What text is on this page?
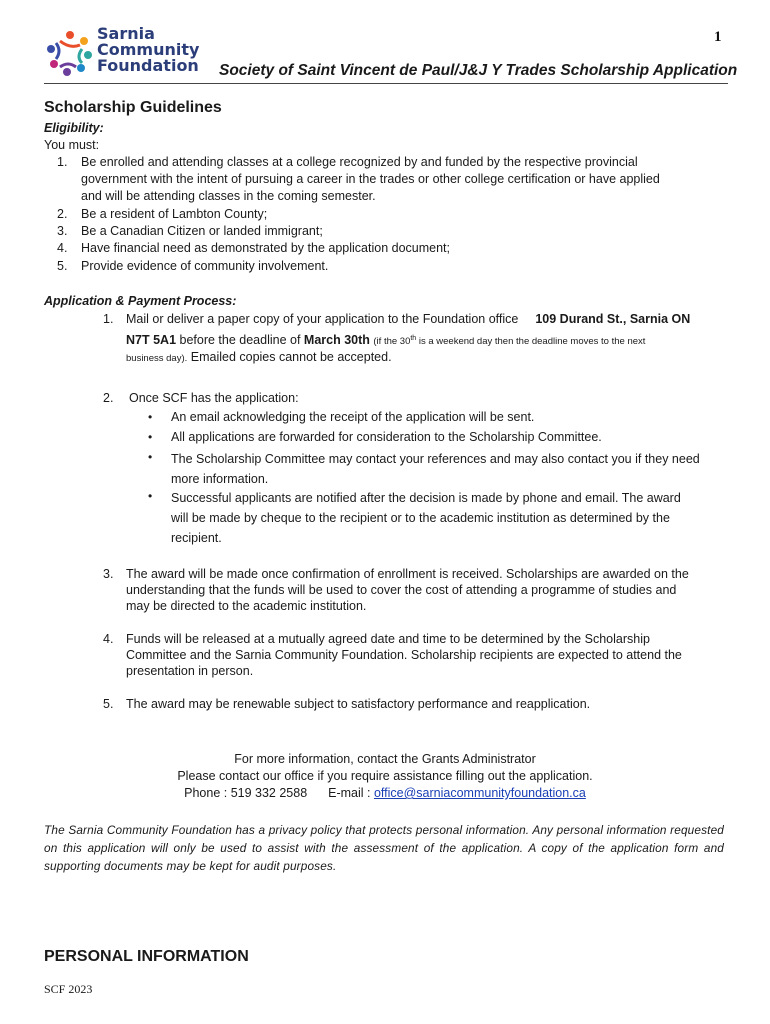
Sarnia
Community
Foundation
1
Society of Saint Vincent de Paul/J&J Y Trades Scholarship Application
Scholarship Guidelines
Eligibility:
You must:
1. Be enrolled and attending classes at a college recognized by and funded by the respective provincial
government with the intent of pursuing a career in the trades or other college certification or have applied
and will be attending classes in the coming semester.
2. Be a resident of Lambton County;
3. Be a Canadian Citizen or landed immigrant;
4. Have financial need as demonstrated by the application document;
5. Provide evidence of community involvement.
Application & Payment Process:
1. Mail or deliver a paper copy of your application to the Foundation office 109 Durand St., Sarnia ON
N7T 5A1 before the deadline of March 30th (if the 30th is a weekend day then the deadline moves to the next
business day). Emailed copies cannot be accepted.
2. Once SCF has the application:
• An email acknowledging the receipt of the application will be sent.
• All applications are forwarded for consideration to the Scholarship Committee.
• The Scholarship Committee may contact your references and may also contact you if they need
more information.
• Successful applicants are notified after the decision is made by phone and email. The award
will be made by cheque to the recipient or to the academic institution as determined by the
recipient.
3. The award will be made once confirmation of enrollment is received. Scholarships are awarded on the
understanding that the funds will be used to cover the cost of attending a programme of studies and
may be directed to the academic institution.
4. Funds will be released at a mutually agreed date and time to be determined by the Scholarship
Committee and the Sarnia Community Foundation. Scholarship recipients are expected to attend the
presentation in person.
5. The award may be renewable subject to satisfactory performance and reapplication.
For more information, contact the Grants Administrator
Please contact our office if you require assistance filling out the application.
Phone : 519 332 2588 E-mail : office@sarniacommunityfoundation.ca
The Sarnia Community Foundation has a privacy policy that protects personal information. Any personal information requested on this application will only be used to assist with the assessment of the application. A copy of the application form and supporting documents may be kept for audit purposes.
PERSONAL INFORMATION
SCF 2023
